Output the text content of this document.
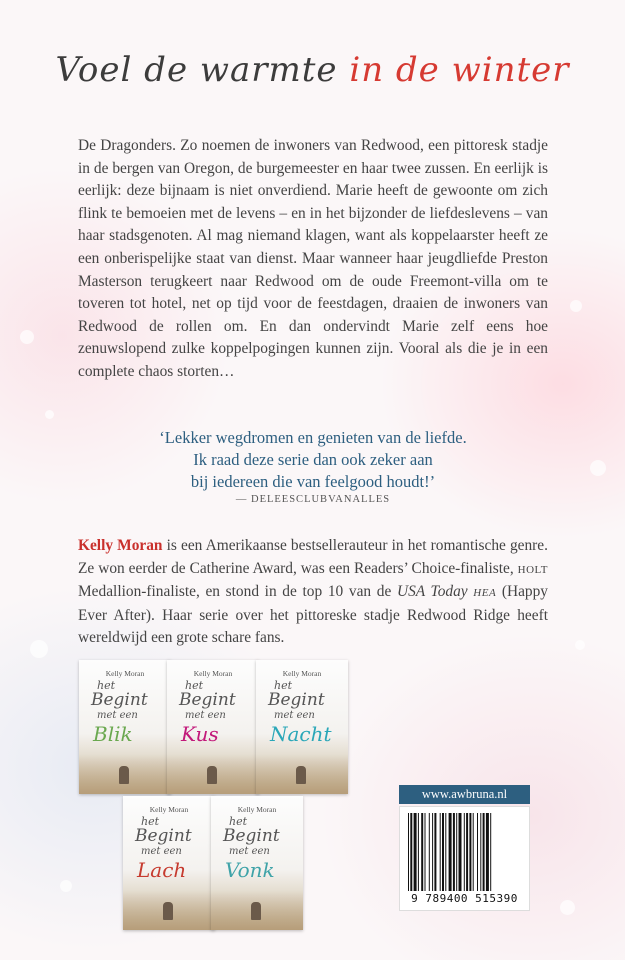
Voel de warmte in de winter
De Dragonders. Zo noemen de inwoners van Redwood, een pittoresk stadje in de bergen van Oregon, de burgemeester en haar twee zussen. En eerlijk is eerlijk: deze bijnaam is niet onverdiend. Marie heeft de gewoonte om zich flink te bemoeien met de levens – en in het bijzonder de liefdeslevens – van haar stadsgenoten. Al mag niemand klagen, want als koppelaarster heeft ze een onberispelijke staat van dienst. Maar wanneer haar jeugdliefde Preston Masterson terugkeert naar Redwood om de oude Freemont-villa om te toveren tot hotel, net op tijd voor de feestdagen, draaien de inwoners van Redwood de rollen om. En dan ondervindt Marie zelf eens hoe zenuwslopend zulke koppelpogingen kunnen zijn. Vooral als die je in een complete chaos storten…
‘Lekker wegdromen en genieten van de liefde.
Ik raad deze serie dan ook zeker aan
bij iedereen die van feelgood houdt!’
— DELEESCLUBVANALLES
Kelly Moran is een Amerikaanse bestsellerauteur in het romantische genre. Ze won eerder de Catherine Award, was een Readers’ Choice-finaliste, HOLT Medallion-finaliste, en stond in de top 10 van de USA Today HEA (Happy Ever After). Haar serie over het pittoreske stadje Redwood Ridge heeft wereldwijd een grote schare fans.
Kelly Moran
het
Begint
met een
Blik
Kelly Moran
het
Begint
met een
Kus
Kelly Moran
het
Begint
met een
Nacht
Kelly Moran
het
Begint
met een
Lach
Kelly Moran
het
Begint
met een
Vonk
www.awbruna.nl
9 789400 515390
